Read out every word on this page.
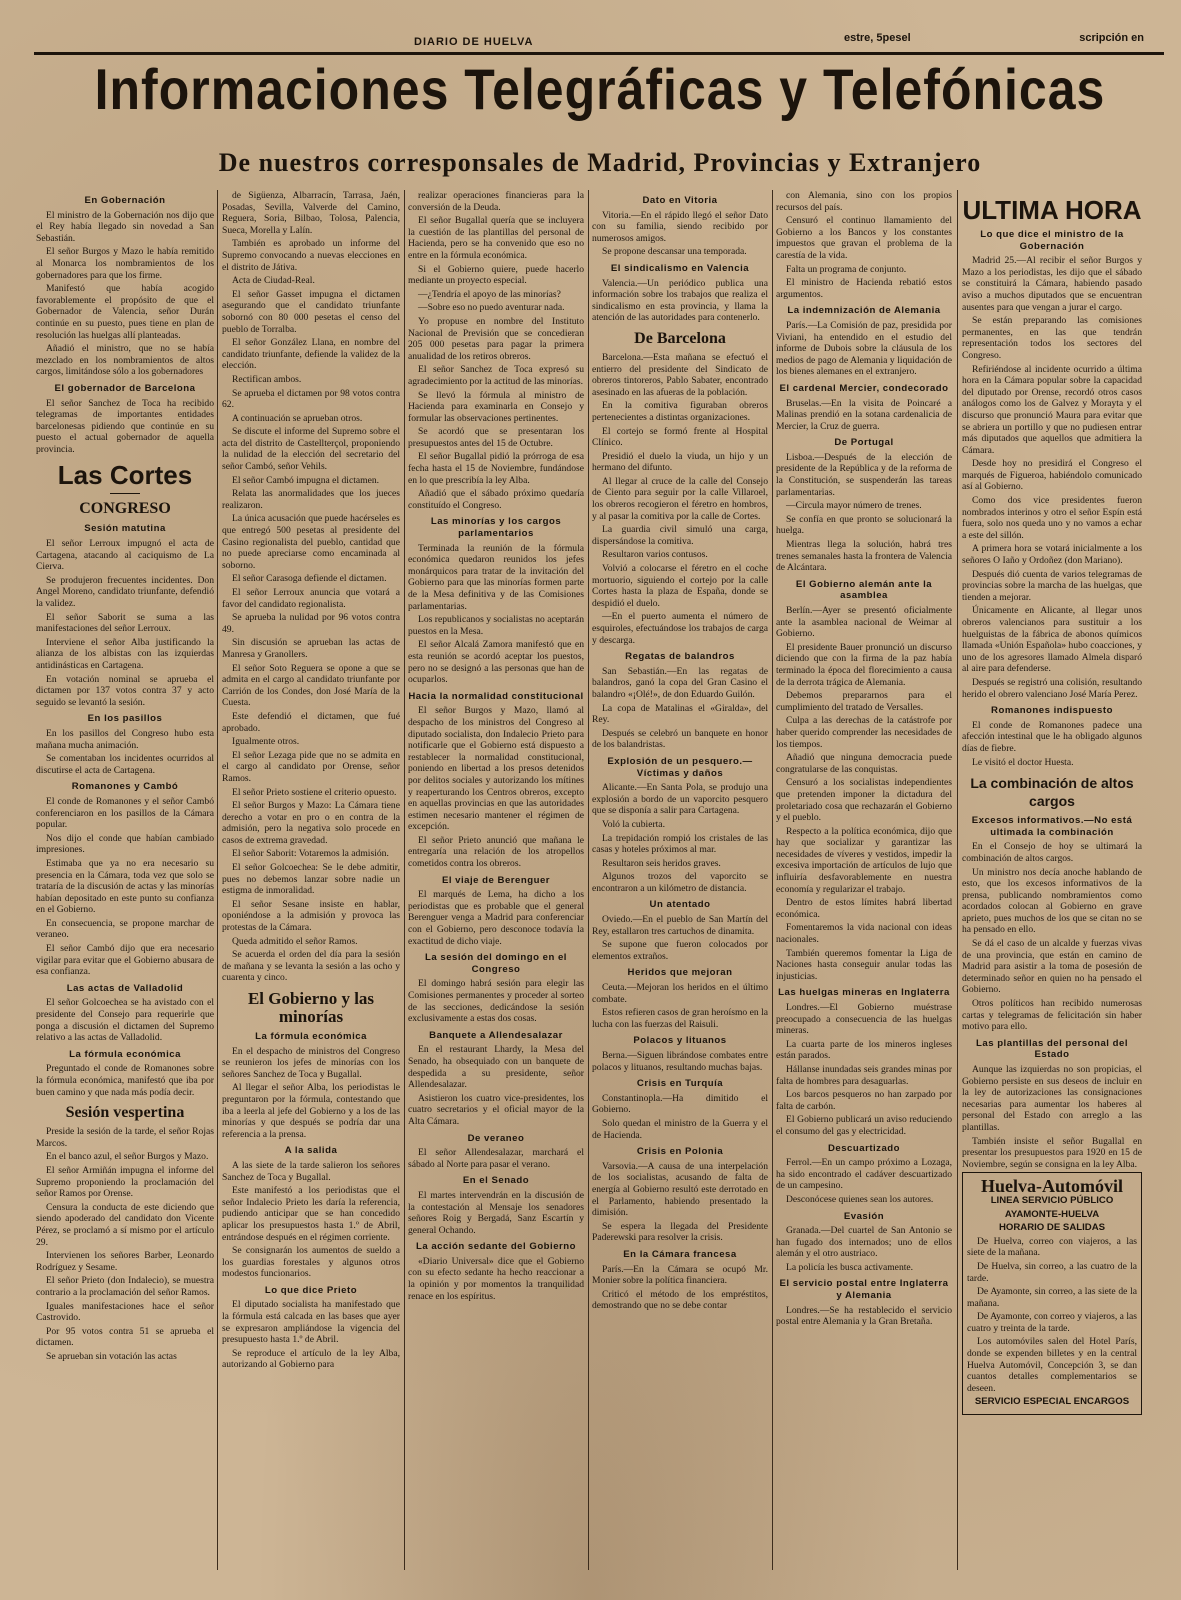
DIARIO DE HUELVA	estre, 5pesel	scripción en
Informaciones Telegráficas y Telefónicas
De nuestros corresponsales de Madrid, Provincias y Extranjero
En Gobernación

El ministro de la Gobernación nos dijo que el Rey había llegado sin novedad a San Sebastián.

El señor Burgos y Mazo le había remitido al Monarca los nombramientos de los gobernadores para que los firme.

Manifestó que había acogido favorablemente el propósito de que el Gobernador de Valencia, señor Durán continúe en su puesto, pues tiene en plan de resolución las huelgas allí planteadas.

Añadió el ministro, que no se había mezclado en los nombramientos de altos cargos, limitándose sólo a los gobernadores

El gobernador de Barcelona

El señor Sanchez de Toca ha recibido telegramas de importantes entidades barcelonesas pidiendo que continúe en su puesto el actual gobernador de aquella provincia.

Las Cortes
CONGRESO
Sesión matutina

El señor Lerroux impugnó el acta de Cartagena, atacando al caciquismo de La Cierva.

Se produjeron frecuentes incidentes. Don Angel Moreno, candidato triunfante, defendió la validez.

El señor Saborit se suma a las manifestaciones del señor Lerroux.

Interviene el señor Alba justificando la alianza de los albistas con las izquierdas antidinásticas en Cartagena.

En votación nominal se aprueba el dictamen por 137 votos contra 37 y acto seguido se levantó la sesión.

En los pasillos

En los pasillos del Congreso hubo esta mañana mucha animación.

Se comentaban los incidentes ocurridos al discutirse el acta de Cartagena.

Romanones y Cambó

El conde de Romanones y el señor Cambó conferenciaron en los pasillos de la Cámara popular.

Nos dijo el conde que habían cambiado impresiones.

Estimaba que ya no era necesario su presencia en la Cámara, toda vez que solo se trataría de la discusión de actas y las minorías habían depositado en este punto su confianza en el Gobierno.

En consecuencia, se propone marchar de veraneo.

El señor Cambó dijo que era necesario vigilar para evitar que el Gobierno abusara de esa confianza.

Las actas de Valladolid

El señor Golcoechea se ha avistado con el presidente del Consejo para requerirle que ponga a discusión el dictamen del Supremo relativo a las actas de Valladolid.

La fórmula económica

Preguntado el conde de Romanones sobre la fórmula económica, manifestó que iba por buen camino y que nada más podía decir.

Sesión vespertina

Preside la sesión de la tarde, el señor Rojas Marcos.

En el banco azul, el señor Burgos y Mazo.

El señor Armiñán impugna el informe del Supremo proponiendo la proclamación del señor Ramos por Orense.

Censura la conducta de este diciendo que siendo apoderado del candidato don Vicente Pérez, se proclamó a sí mismo por el artículo 29.

Intervienen los señores Barber, Leonardo Rodríguez y Sesame.

El señor Prieto (don Indalecio), se muestra contrario a la proclamación del señor Ramos.

Iguales manifestaciones hace el señor Castrovido.

Por 95 votos contra 51 se aprueba el dictamen.

Se aprueban sin votación las actas

de Sigüenza, Albarracín, Tarrasa, Jaén, Posadas, Sevilla, Valverde del Camino, Reguera, Soria, Bilbao, Tolosa, Palencia, Sueca, Morella y Lalín.

También es aprobado un informe del Supremo convocando a nuevas elecciones en el distrito de Játiva.

Acta de Ciudad-Real.

El señor Gasset impugna el dictamen asegurando que el candidato triunfante sobornó con 80 000 pesetas el censo del pueblo de Torralba.

El señor González Llana, en nombre del candidato triunfante, defiende la validez de la elección.

Rectifican ambos.

Se aprueba el dictamen por 98 votos contra 62.

A continuación se aprueban otros.

Se discute el informe del Supremo sobre el acta del distrito de Castellterçol, proponiendo la nulidad de la elección del secretario del señor Cambó, señor Vehils.

El señor Cambó impugna el dictamen.

Relata las anormalidades que los jueces realizaron.

La única acusación que puede hacérseles es que entregó 500 pesetas al presidente del Casino regionalista del pueblo, cantidad que no puede apreciarse como encaminada al soborno.

El señor Carasoga defiende el dictamen.

El señor Lerroux anuncia que votará a favor del candidato regionalista.

Se aprueba la nulidad por 96 votos contra 49.

Sin discusión se aprueban las actas de Manresa y Granollers.

El señor Soto Reguera se opone a que se admita en el cargo al candidato triunfante por Carrión de los Condes, don José María de la Cuesta.

Este defendió el dictamen, que fué aprobado.

Igualmente otros.

El señor Lezaga pide que no se admita en el cargo al candidato por Orense, señor Ramos.

El señor Prieto sostiene el criterio opuesto.

El señor Burgos y Mazo: La Cámara tiene derecho a votar en pro o en contra de la admisión, pero la negativa solo procede en casos de extrema gravedad.

El señor Saborit: Votaremos la admisión.

El señor Golcoechea: Se le debe admitir, pues no debemos lanzar sobre nadie un estigma de inmoralidad.

El señor Sesane insiste en hablar, oponiéndose a la admisión y provoca las protestas de la Cámara.

Queda admitido el señor Ramos.

Se acuerda el orden del día para la sesión de mañana y se levanta la sesión a las ocho y cuarenta y cinco.

El Gobierno y las minorías
La fórmula económica

En el despacho de ministros del Congreso se reunieron los jefes de minorías con los señores Sanchez de Toca y Bugallal.

Al llegar el señor Alba, los periodistas le preguntaron por la fórmula, contestando que iba a leerla al jefe del Gobierno y a los de las minorías y que después se podría dar una referencia a la prensa.

A la salida

A las siete de la tarde salieron los señores Sanchez de Toca y Bugallal.

Este manifestó a los periodistas que el señor Indalecio Prieto les daría la referencia, pudiendo anticipar que se han concedido aplicar los presupuestos hasta 1.º de Abril, entrándose después en el régimen corriente.

Se consignarán los aumentos de sueldo a los guardias forestales y algunos otros modestos funcionarios.

Lo que dice Prieto

El diputado socialista ha manifestado que la fórmula está calcada en las bases que ayer se expresaron ampliándose la vigencia del presupuesto hasta 1.º de Abril.

Se reproduce el artículo de la ley Alba, autorizando al Gobierno para

realizar operaciones financieras para la conversión de la Deuda.

El señor Bugallal quería que se incluyera la cuestión de las plantillas del personal de Hacienda, pero se ha convenido que eso no entre en la fórmula económica.

Si el Gobierno quiere, puede hacerlo mediante un proyecto especial.

—¿Tendría el apoyo de las minorías?

—Sobre eso no puedo aventurar nada.

Yo propuse en nombre del Instituto Nacional de Previsión que se concedieran 205 000 pesetas para pagar la primera anualidad de los retiros obreros.

El señor Sanchez de Toca expresó su agradecimiento por la actitud de las minorías.

Se llevó la fórmula al ministro de Hacienda para examinarla en Consejo y formular las observaciones pertinentes.

Se acordó que se presentaran los presupuestos antes del 15 de Octubre.

El señor Bugallal pidió la prórroga de esa fecha hasta el 15 de Noviembre, fundándose en lo que prescribía la ley Alba.

Añadió que el sábado próximo quedaría constituído el Congreso.

Las minorías y los cargos parlamentarios

Terminada la reunión de la fórmula económica quedaron reunidos los jefes monárquicos para tratar de la invitación del Gobierno para que las minorías formen parte de la Mesa definitiva y de las Comisiones parlamentarias.

Los republicanos y socialistas no aceptarán puestos en la Mesa.

El señor Alcalá Zamora manifestó que en esta reunión se acordó aceptar los puestos, pero no se designó a las personas que han de ocuparlos.

Hacia la normalidad constitucional

El señor Burgos y Mazo, llamó al despacho de los ministros del Congreso al diputado socialista, don Indalecio Prieto para notificarle que el Gobierno está dispuesto a restablecer la normalidad constitucional, poniendo en libertad a los presos detenidos por delitos sociales y autorizando los mítines y reaperturando los Centros obreros, excepto en aquellas provincias en que las autoridades estimen necesario mantener el régimen de excepción.

El señor Prieto anunció que mañana le entregaría una relación de los atropellos cometidos contra los obreros.

El viaje de Berenguer

El marqués de Lema, ha dicho a los periodistas que es probable que el general Berenguer venga a Madrid para conferenciar con el Gobierno, pero desconoce todavía la exactitud de dicho viaje.

La sesión del domingo en el Congreso

El domingo habrá sesión para elegir las Comisiones permanentes y proceder al sorteo de las secciones, dedicándose la sesión exclusivamente a estas dos cosas.

Banquete a Allendesalazar

En el restaurant Lhardy, la Mesa del Senado, ha obsequiado con un banquete de despedida a su presidente, señor Allendesalazar.

Asistieron los cuatro vice-presidentes, los cuatro secretarios y el oficial mayor de la Alta Cámara.

De veraneo

El señor Allendesalazar, marchará el sábado al Norte para pasar el verano.

En el Senado

El martes intervendrán en la discusión de la contestación al Mensaje los senadores señores Roig y Bergadá, Sanz Escartín y general Ochando.

La acción sedante del Gobierno

«Diario Universal» dice que el Gobierno con su efecto sedante ha hecho reaccionar a la opinión y por momentos la tranquilidad renace en los espíritus.

Dato en Vitoria

Vitoria.—En el rápido llegó el señor Dato con su familia, siendo recibido por numerosos amigos.

Se propone descansar una temporada.

El sindicalismo en Valencia

Valencia.—Un periódico publica una información sobre los trabajos que realiza el sindicalismo en esta provincia, y llama la atención de las autoridades para contenerlo.

De Barcelona

Barcelona.—Esta mañana se efectuó el entierro del presidente del Sindicato de obreros tintoreros, Pablo Sabater, encontrado asesinado en las afueras de la población.

En la comitiva figuraban obreros pertenecientes a distintas organizaciones.

El cortejo se formó frente al Hospital Clínico.

Presidió el duelo la viuda, un hijo y un hermano del difunto.

Al llegar al cruce de la calle del Consejo de Ciento para seguir por la calle Villaroel, los obreros recogieron el féretro en hombros, y al pasar la comitiva por la calle de Cortes.

La guardia civil simuló una carga, dispersándose la comitiva.

Resultaron varios contusos.

Volvió a colocarse el féretro en el coche mortuorio, siguiendo el cortejo por la calle Cortes hasta la plaza de España, donde se despidió el duelo.

—En el puerto aumenta el número de esquiroles, efectuándose los trabajos de carga y descarga.

Regatas de balandros

San Sebastián.—En las regatas de balandros, ganó la copa del Gran Casino el balandro «¡Olé!», de don Eduardo Guilón.

La copa de Matalinas el «Giralda», del Rey.

Después se celebró un banquete en honor de los balandristas.

Explosión de un pesquero.—Víctimas y daños

Alicante.—En Santa Pola, se produjo una explosión a bordo de un vaporcito pesquero que se disponía a salir para Cartagena.

Voló la cubierta.

La trepidación rompió los cristales de las casas y hoteles próximos al mar.

Resultaron seis heridos graves.

Algunos trozos del vaporcito se encontraron a un kilómetro de distancia.

Un atentado

Oviedo.—En el pueblo de San Martín del Rey, estallaron tres cartuchos de dinamita.

Se supone que fueron colocados por elementos extraños.

Heridos que mejoran

Ceuta.—Mejoran los heridos en el último combate.

Estos refieren casos de gran heroísmo en la lucha con las fuerzas del Raisuli.

Polacos y lituanos

Berna.—Siguen librándose combates entre polacos y lituanos, resultando muchas bajas.

Crisis en Turquía

Constantinopla.—Ha dimitido el Gobierno.

Solo quedan el ministro de la Guerra y el de Hacienda.

Crisis en Polonia

Varsovia.—A causa de una interpelación de los socialistas, acusando de falta de energía al Gobierno resultó este derrotado en el Parlamento, habiendo presentado la dimisión.

Se espera la llegada del Presidente Paderewski para resolver la crisis.

En la Cámara francesa

París.—En la Cámara se ocupó Mr. Monier sobre la política financiera.

Criticó el método de los empréstitos, demostrando que no se debe contar

con Alemania, sino con los propios recursos del país.

Censuró el continuo llamamiento del Gobierno a los Bancos y los constantes impuestos que gravan el problema de la carestía de la vida.

Falta un programa de conjunto.

El ministro de Hacienda rebatió estos argumentos.

La indemnización de Alemania

París.—La Comisión de paz, presidida por Viviani, ha entendido en el estudio del informe de Dubois sobre la cláusula de los medios de pago de Alemania y liquidación de los bienes alemanes en el extranjero.

El cardenal Mercier, condecorado

Bruselas.—En la visita de Poincaré a Malinas prendió en la sotana cardenalicia de Mercier, la Cruz de guerra.

De Portugal

Lisboa.—Después de la elección de presidente de la República y de la reforma de la Constitución, se suspenderán las tareas parlamentarias.

—Circula mayor número de trenes.

Se confía en que pronto se solucionará la huelga.

Mientras llega la solución, habrá tres trenes semanales hasta la frontera de Valencia de Alcántara.

El Gobierno alemán ante la asamblea

Berlín.—Ayer se presentó oficialmente ante la asamblea nacional de Weimar al Gobierno.

El presidente Bauer pronunció un discurso diciendo que con la firma de la paz había terminado la época del florecimiento a causa de la derrota trágica de Alemania.

Debemos prepararnos para el cumplimiento del tratado de Versalles.

Culpa a las derechas de la catástrofe por haber querido comprender las necesidades de los tiempos.

Añadió que ninguna democracia puede congratularse de las conquistas.

Censuró a los socialistas independientes que pretenden imponer la dictadura del proletariado cosa que rechazarán el Gobierno y el pueblo.

Respecto a la política económica, dijo que hay que socializar y garantizar las necesidades de víveres y vestidos, impedir la excesiva importación de artículos de lujo que influiría desfavorablemente en nuestra economía y regularizar el trabajo.

Dentro de estos límites habrá libertad económica.

Fomentaremos la vida nacional con ideas nacionales.

También queremos fomentar la Liga de Naciones hasta conseguir anular todas las injusticias.

Las huelgas mineras en Inglaterra

Londres.—El Gobierno muéstrase preocupado a consecuencia de las huelgas mineras.

La cuarta parte de los mineros ingleses están parados.

Hállanse inundadas seis grandes minas por falta de hombres para desaguarlas.

Los barcos pesqueros no han zarpado por falta de carbón.

El Gobierno publicará un aviso reduciendo el consumo del gas y electricidad.

Descuartizado

Ferrol.—En un campo próximo a Lozaga, ha sido encontrado el cadáver descuartizado de un campesino.

Desconócese quienes sean los autores.

Evasión

Granada.—Del cuartel de San Antonio se han fugado dos internados; uno de ellos alemán y el otro austriaco.

La policía les busca activamente.

El servicio postal entre Inglaterra y Alemania

Londres.—Se ha restablecido el servicio postal entre Alemania y la Gran Bretaña.

ULTIMA HORA
Lo que dice el ministro de la Gobernación

Madrid 25.—Al recibir el señor Burgos y Mazo a los periodistas, les dijo que el sábado se constituirá la Cámara, habiendo pasado aviso a muchos diputados que se encuentran ausentes para que vengan a jurar el cargo.

Se están preparando las comisiones permanentes, en las que tendrán representación todos los sectores del Congreso.

Refiriéndose al incidente ocurrido a última hora en la Cámara popular sobre la capacidad del diputado por Orense, recordó otros casos análogos como los de Galvez y Morayta y el discurso que pronunció Maura para evitar que se abriera un portillo y que no pudiesen entrar más diputados que aquellos que admitiera la Cámara.

Desde hoy no presidirá el Congreso el marqués de Figueroa, habiéndolo comunicado así al Gobierno.

Como dos vice presidentes fueron nombrados interinos y otro el señor Espín está fuera, solo nos queda uno y no vamos a echar a este del sillón.

A primera hora se votará inicialmente a los señores O Iaño y Ordoñez (don Mariano).

Después dió cuenta de varios telegramas de provincias sobre la marcha de las huelgas, que tienden a mejorar.

Únicamente en Alicante, al llegar unos obreros valencianos para sustituir a los huelguistas de la fábrica de abonos químicos llamada «Unión Española» hubo coacciones, y uno de los agresores llamado Almela disparó al aire para defenderse.

Después se registró una colisión, resultando herido el obrero valenciano José María Perez.

Romanones indispuesto

El conde de Romanones padece una afección intestinal que le ha obligado algunos días de fiebre.

Le visitó el doctor Huesta.

La combinación de altos cargos
Excesos informativos.—No está ultimada la combinación

En el Consejo de hoy se ultimará la combinación de altos cargos.

Un ministro nos decía anoche hablando de esto, que los excesos informativos de la prensa, publicando nombramientos como acordados colocan al Gobierno en grave aprieto, pues muchos de los que se citan no se ha pensado en ello.

Se dá el caso de un alcalde y fuerzas vivas de una provincia, que están en camino de Madrid para asistir a la toma de posesión de determinado señor en quien no ha pensado el Gobierno.

Otros políticos han recibido numerosas cartas y telegramas de felicitación sin haber motivo para ello.

Las plantillas del personal del Estado

Aunque las izquierdas no son propicias, el Gobierno persiste en sus deseos de incluir en la ley de autorizaciones las consignaciones necesarias para aumentar los haberes al personal del Estado con arreglo a las plantillas.

También insiste el señor Bugallal en presentar los presupuestos para 1920 en 15 de Noviembre, según se consigna en la ley Alba.

Huelva-Automóvil
LINEA SERVICIO PÚBLICO
AYAMONTE-HUELVA
HORARIO DE SALIDAS

De Huelva, correo con viajeros, a las siete de la mañana.

De Huelva, sin correo, a las cuatro de la tarde.

De Ayamonte, sin correo, a las siete de la mañana.

De Ayamonte, con correo y viajeros, a las cuatro y treinta de la tarde.

Los automóviles salen del Hotel París, donde se expenden billetes y en la central Huelva Automóvil, Concepción 3, se dan cuantos detalles complementarios se deseen.

SERVICIO ESPECIAL ENCARGOS
